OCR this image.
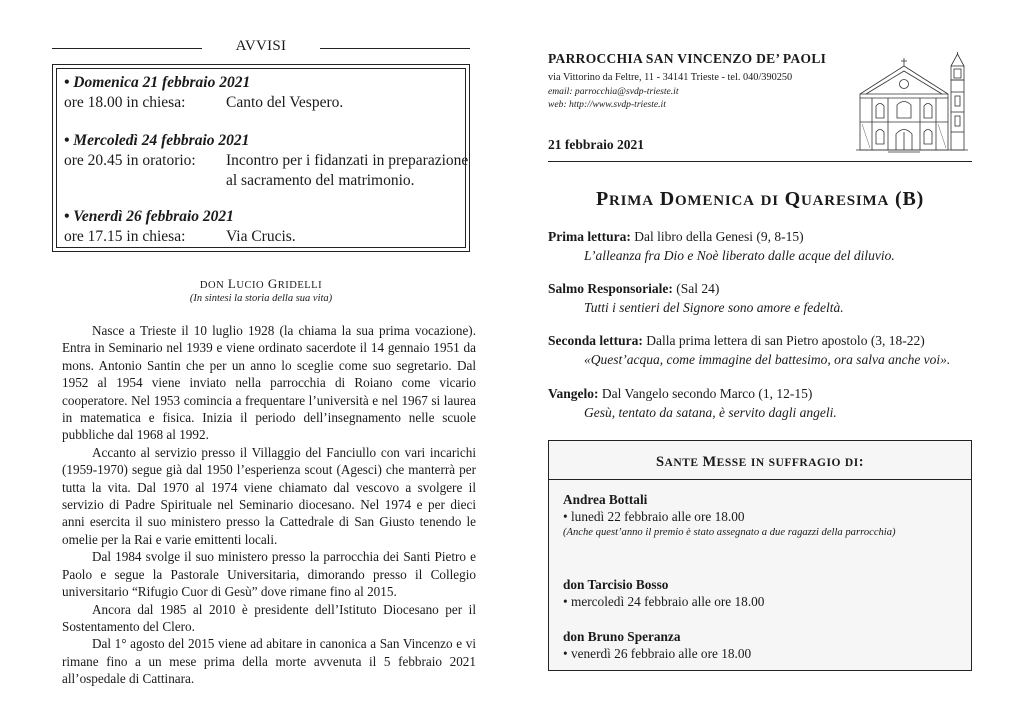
AVVISI
• Domenica 21 febbraio 2021
ore 18.00 in chiesa:	Canto del Vespero.
• Mercoledì 24 febbraio 2021
ore 20.45 in oratorio: Incontro per i fidanzati in preparazione
al sacramento del matrimonio.
• Venerdì 26 febbraio 2021
ore 17.15 in chiesa:	Via Crucis.
DON LUCIO GRIDELLI
(In sintesi la storia della sua vita)

Nasce a Trieste il 10 luglio 1928 (la chiama la sua prima vocazione). Entra in Seminario nel 1939 e viene ordinato sacerdote il 14 gennaio 1951 da mons. Antonio Santin che per un anno lo sceglie come suo segretario. Dal 1952 al 1954 viene inviato nella parrocchia di Roiano come vicario cooperatore. Nel 1953 comincia a frequentare l’università e nel 1967 si laurea in matematica e fisica. Inizia il periodo dell’insegnamento nelle scuole pubbliche dal 1968 al 1992.

Accanto al servizio presso il Villaggio del Fanciullo con vari incarichi (1959-1970) segue già dal 1950 l’esperienza scout (Agesci) che manterrà per tutta la vita. Dal 1970 al 1974 viene chiamato dal vescovo a svolgere il servizio di Padre Spirituale nel Seminario diocesano. Nel 1974 e per dieci anni esercita il suo ministero presso la Cattedrale di San Giusto tenendo le omelie per la Rai e varie emittenti locali.

Dal 1984 svolge il suo ministero presso la parrocchia dei Santi Pietro e Paolo e segue la Pastorale Universitaria, dimorando presso il Collegio universitario “Rifugio Cuor di Gesù” dove rimane fino al 2015.

Ancora dal 1985 al 2010 è presidente dell’Istituto Diocesano per il Sostentamento del Clero.

Dal 1° agosto del 2015 viene ad abitare in canonica a San Vincenzo e vi rimane fino a un mese prima della morte avvenuta il 5 febbraio 2021 all’ospedale di Cattinara.

PARROCCHIA SAN VINCENZO DE’ PAOLI
via Vittorino da Feltre, 11 - 34141 Trieste - tel. 040/390250
email: parrocchia@svdp-trieste.it
web: http://www.svdp-trieste.it
21 febbraio 2021
PRIMA DOMENICA DI QUARESIMA (B)
Prima lettura: Dal libro della Genesi (9, 8-15)
L’alleanza fra Dio e Noè liberato dalle acque del diluvio.
Salmo Responsoriale: (Sal 24)
Tutti i sentieri del Signore sono amore e fedeltà.
Seconda lettura: Dalla prima lettera di san Pietro apostolo (3, 18-22)
«Quest’acqua, come immagine del battesimo, ora salva anche voi».
Vangelo: Dal Vangelo secondo Marco (1, 12-15)
Gesù, tentato da satana, è servito dagli angeli.
SANTE MESSE IN SUFFRAGIO DI:
Andrea Bottali
• lunedì 22 febbraio alle ore 18.00
(Anche quest’anno il premio è stato assegnato a due ragazzi della parrocchia)
don Tarcisio Bosso
• mercoledì 24 febbraio alle ore 18.00
don Bruno Speranza
• venerdì 26 febbraio alle ore 18.00
